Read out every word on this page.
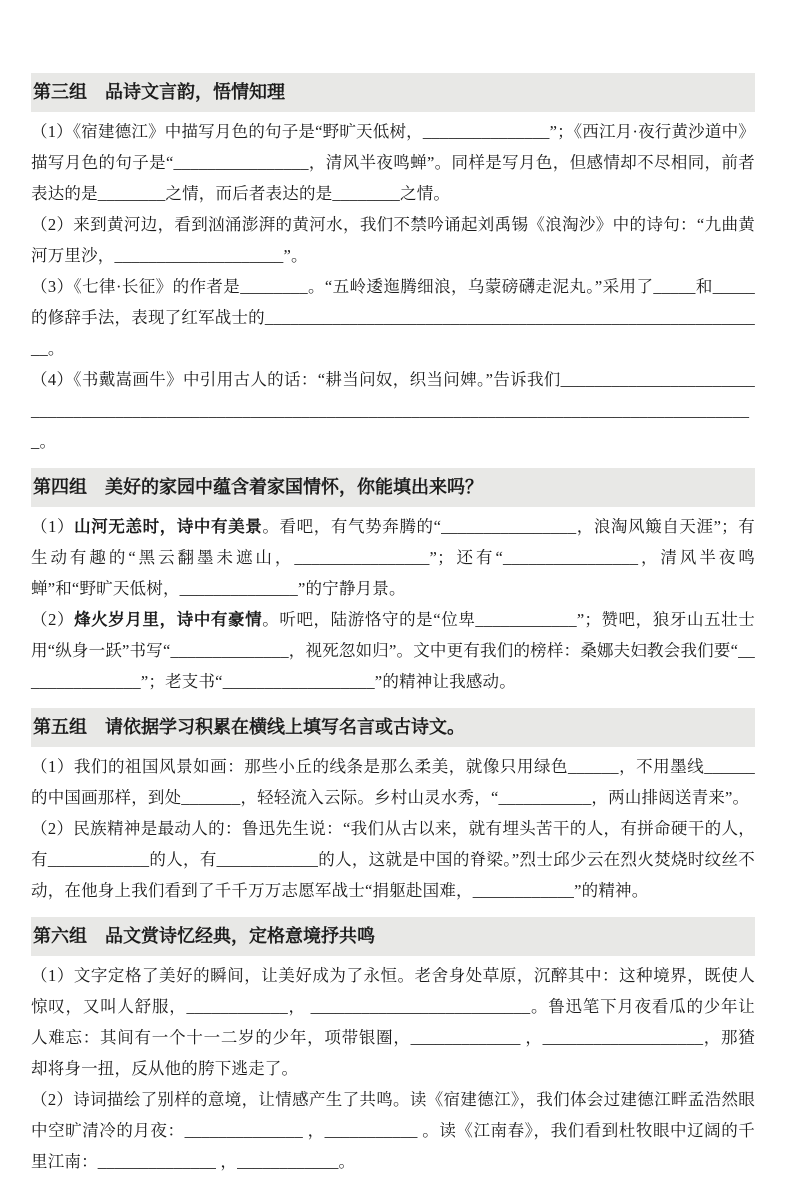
第三组　品诗文言韵，悟情知理

（1）《宿建德江》中描写月色的句子是“野旷天低树，_______________”；《西江月·夜行黄沙道中》描写月色的句子是“________________，清风半夜鸣蝉”。同样是写月色，但感情却不尽相同，前者表达的是________之情，而后者表达的是________之情。

（2）来到黄河边，看到汹涌澎湃的黄河水，我们不禁吟诵起刘禹锡《浪淘沙》中的诗句：“九曲黄河万里沙，____________________”。

（3）《七律·长征》的作者是________。“五岭逶迤腾细浪，乌蒙磅礴走泥丸。”采用了_____和_____的修辞手法，表现了红军战士的____________________________________________________________。

（4）《书戴嵩画牛》中引用古人的话：“耕当问奴，织当问婢。”告诉我们_____________________________________________________________________________________________________________。

第四组　美好的家园中蕴含着家国情怀，你能填出来吗？

（1）山河无恙时，诗中有美景。看吧，有气势奔腾的“________________，浪淘风簸自天涯”；有生动有趣的“黑云翻墨未遮山，________________”；还有“________________，清风半夜鸣蝉”和“野旷天低树，______________”的宁静月景。

（2）烽火岁月里，诗中有豪情。听吧，陆游恪守的是“位卑____________”；赞吧，狼牙山五壮士用“纵身一跃”书写“______________，视死忽如归”。文中更有我们的榜样：桑娜夫妇教会我们要“_______________”；老支书“__________________”的精神让我感动。

第五组　请依据学习积累在横线上填写名言或古诗文。

（1）我们的祖国风景如画：那些小丘的线条是那么柔美，就像只用绿色______，不用墨线______的中国画那样，到处_______，轻轻流入云际。乡村山灵水秀，“___________，两山排闼送青来”。

（2）民族精神是最动人的：鲁迅先生说：“我们从古以来，就有埋头苦干的人，有拼命硬干的人，有____________的人，有____________的人，这就是中国的脊梁。”烈士邱少云在烈火焚烧时纹丝不动，在他身上我们看到了千千万万志愿军战士“捐躯赴国难，____________”的精神。

第六组　品文赏诗忆经典，定格意境抒共鸣

（1）文字定格了美好的瞬间，让美好成为了永恒。老舍身处草原，沉醉其中：这种境界，既使人惊叹，又叫人舒服，____________， __________________________。鲁迅笔下月夜看瓜的少年让人难忘：其间有一个十一二岁的少年，项带银圈，_____________ ，___________________，那猹却将身一扭，反从他的胯下逃走了。

（2）诗词描绘了别样的意境，让情感产生了共鸣。读《宿建德江》，我们体会过建德江畔孟浩然眼中空旷清冷的月夜：______________ ，___________ 。读《江南春》，我们看到杜牧眼中辽阔的千里江南：______________ ，____________。
